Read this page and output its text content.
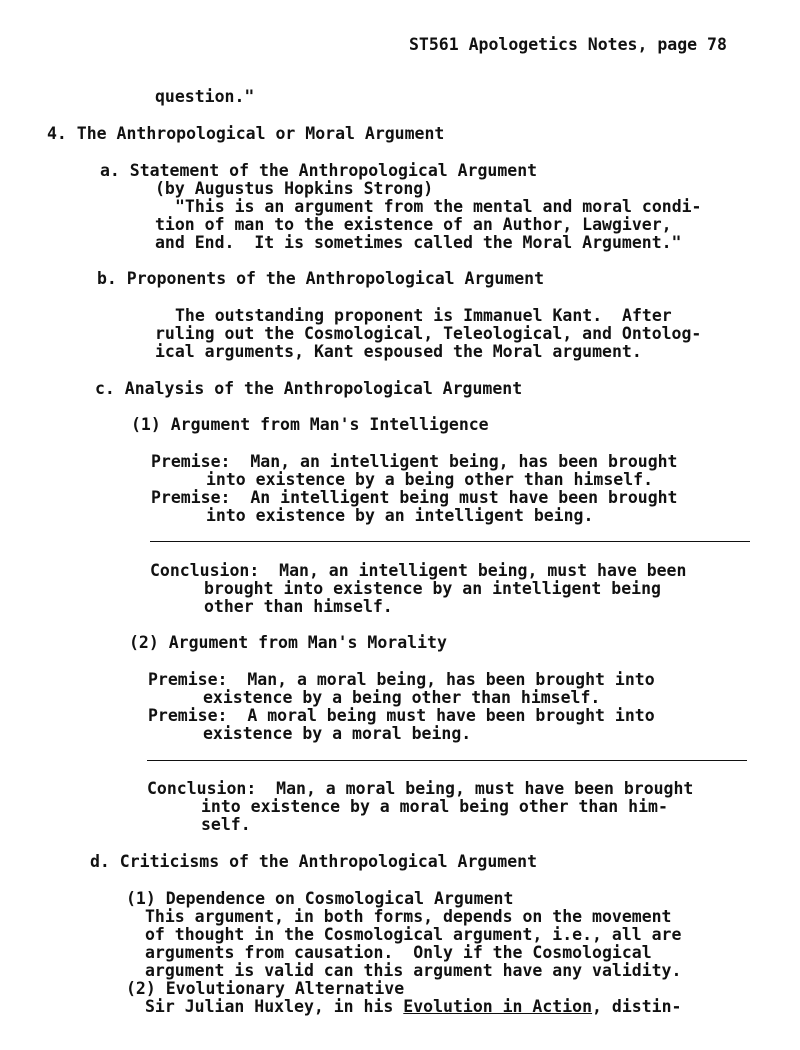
ST561 Apologetics Notes, page 78
question."
4. The Anthropological or Moral Argument
a. Statement of the Anthropological Argument
(by Augustus Hopkins Strong)
"This is an argument from the mental and moral condi-
tion of man to the existence of an Author, Lawgiver,
and End.  It is sometimes called the Moral Argument."
b. Proponents of the Anthropological Argument
The outstanding proponent is Immanuel Kant.  After
ruling out the Cosmological, Teleological, and Ontolog-
ical arguments, Kant espoused the Moral argument.
c. Analysis of the Anthropological Argument
(1) Argument from Man's Intelligence
Premise:  Man, an intelligent being, has been brought
into existence by a being other than himself.
Premise:  An intelligent being must have been brought
into existence by an intelligent being.
Conclusion:  Man, an intelligent being, must have been
brought into existence by an intelligent being
other than himself.
(2) Argument from Man's Morality
Premise:  Man, a moral being, has been brought into
existence by a being other than himself.
Premise:  A moral being must have been brought into
existence by a moral being.
Conclusion:  Man, a moral being, must have been brought
into existence by a moral being other than him-
self.
d. Criticisms of the Anthropological Argument
(1) Dependence on Cosmological Argument
This argument, in both forms, depends on the movement
of thought in the Cosmological argument, i.e., all are
arguments from causation.  Only if the Cosmological
argument is valid can this argument have any validity.
(2) Evolutionary Alternative
Sir Julian Huxley, in his Evolution in Action, distin-
